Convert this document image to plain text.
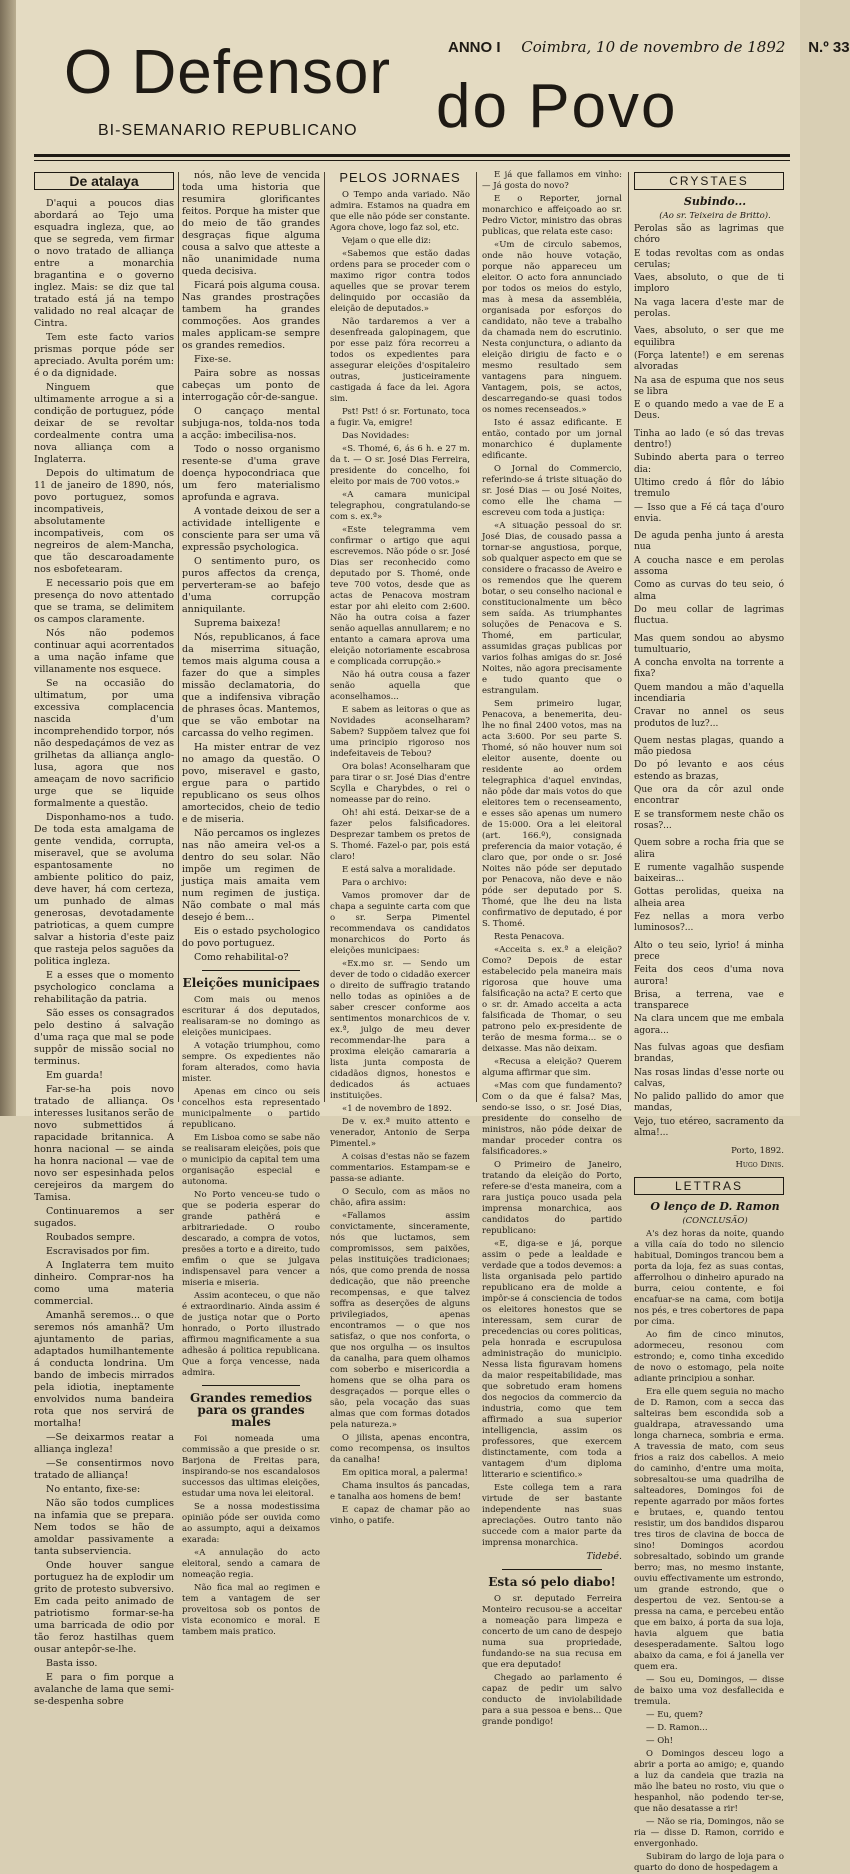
O Defensor do Povo
BI-SEMANARIO REPUBLICANO
ANNO I Coimbra, 10 de novembro de 1892 N.º 33
De atalaya

D'aqui a poucos dias abordará ao Tejo uma esquadra ingleza, que, ao que se segreda, vem firmar o novo tratado de alliança entre a monarchia bragantina e o governo inglez. Mais: se diz que tal tratado está já na tempo validado no real alcaçar de Cintra.

Tem este facto varios prismas porque póde ser apreciado. Avulta porém um: é o da dignidade.

Ninguem que ultimamente arrogue a si a condição de portuguez, póde deixar de se revoltar cordealmente contra uma nova alliança com a Inglaterra.

Depois do ultimatum de 11 de janeiro de 1890, nós, povo portuguez, somos incompativeis, absolutamente incompativeis, com os negreiros de alem-Mancha, que tão descaroadamente nos esbofetearam.

E necessario pois que em presença do novo attentado que se trama, se delimitem os campos claramente.

Nós não podemos continuar aqui acorrentados a uma nação infame que villanamente nos esquece.

Se na occasião do ultimatum, por uma excessiva complacencia nascida d'um incomprehendido torpor, nós não despedaçámos de vez as grilhetas da alliança anglo-lusa, agora que nos ameaçam de novo sacrificio urge que se liquide formalmente a questão.

Disponhamo-nos a tudo. De toda esta amalgama de gente vendida, corrupta, miseravel, que se avoluma espantosamente no ambiente politico do paiz, deve haver, há com certeza, um punhado de almas generosas, devotadamente patrioticas, a quem cumpre salvar a historia d'este paiz que rasteja pelos saguões da politica ingleza.

E a esses que o momento psychologico conclama a rehabilitação da patria.

São esses os consagrados pelo destino á salvação d'uma raça que mal se pode suppôr de missão social no terminus.

Em guarda!

Far-se-ha pois novo tratado de alliança. Os interesses lusitanos serão de novo submettidos á rapacidade britannica. A honra nacional — se ainda ha honra nacional — vae de novo ser espesinhada pelos cerejeiros da margem do Tamisa.

Continuaremos a ser sugados.

Roubados sempre.

Escravisados por fim.

A Inglaterra tem muito dinheiro. Comprar-nos ha como uma materia commercial.

Amanhã seremos... o que seremos nós amanhã? Um ajuntamento de parias, adaptados humilhantemente á conducta londrina. Um bando de imbecis mirrados pela idiotia, ineptamente envolvidos numa bandeira rota que nos servirá de mortalha!

—Se deixarmos reatar a alliança ingleza!

—Se consentirmos novo tratado de alliança!

No entanto, fixe-se:

Não são todos cumplices na infamia que se prepara. Nem todos se hão de amoldar passivamente a tanta subserviencia.

Onde houver sangue portuguez ha de explodir um grito de protesto subversivo. Em cada peito animado de patriotismo formar-se-ha uma barricada de odio por tão feroz hastilhas quem ousar antepôr-se-lhe.

Basta isso.

E para o fim porque a avalanche de lama que semi-se-despenha sobre

nós, não leve de vencida toda uma historia que resumira glorificantes feitos. Porque ha mister que do meio de tão grandes desgraças fique alguma cousa a salvo que atteste a não unanimidade numa queda decisiva.

Ficará pois alguma cousa. Nas grandes prostrações tambem ha grandes commoções. Aos grandes males applicam-se sempre os grandes remedios.

Fixe-se.

Paira sobre as nossas cabeças um ponto de interrogação côr-de-sangue.

O cançaço mental subjuga-nos, tolda-nos toda a acção: imbecilisa-nos.

Todo o nosso organismo resente-se d'uma grave doença hypocondriaca que um fero materialismo aprofunda e agrava.

A vontade deixou de ser a actividade intelligente e consciente para ser uma vã expressão psychologica.

O sentimento puro, os puros affectos da crença, perverteram-se ao bafejo d'uma corrupção anniquilante.

Suprema baixeza!

Nós, republicanos, á face da miserrima situação, temos mais alguma cousa a fazer do que a simples missão declamatoria, do que a indifensiva vibração de phrases ôcas. Mantemos, que se vão embotar na carcassa do velho regimen.

Ha mister entrar de vez no amago da questão. O povo, miseravel e gasto, ergue para o partido republicano os seus olhos amortecidos, cheio de tedio e de miseria.

Não percamos os inglezes nas não ameira vel-os a dentro do seu solar. Não impõe um regimen de justiça mais amaita vem num regimen de justiça. Não combate o mal más desejo é bem...

Eis o estado psychologico do povo portuguez.

Como rehabilital-o?

Eleições municipaes

Com mais ou menos escriturar á dos deputados, realisaram-se no domingo as eleições municipaes.

A votação triumphou, como sempre. Os expedientes não foram alterados, como havia mister.

Apenas em cinco ou seis concelhos esta representado municipalmente o partido republicano.

Em Lisboa como se sabe não se realisaram eleições, pois que o municipio da capital tem uma organisação especial e autonoma.

No Porto venceu-se tudo o que se poderia esperar do grande pathêrá e arbitrariedade. O roubo descarado, a compra de votos, presões a torto e a direito, tudo emfim o que se julgava indispensavel para vencer a miseria e miseria.

Assim aconteceu, o que não é extraordinario. Ainda assim é de justiça notar que o Porto honrado, o Porto illustrado affirmou magnificamente a sua adhesão á politica republicana. Que a força vencesse, nada admira.

Grandes remedios para os grandes males

Foi nomeada uma commissão a que preside o sr. Barjona de Freitas para, inspirando-se nos escandalosos successos das ultimas eleições, estudar uma nova lei eleitoral.

Se a nossa modestissima opinião póde ser ouvida como ao assumpto, aqui a deixamos exarada:

«A annulação do acto eleitoral, sendo a camara de nomeação regia.

Não fica mal ao regimen e tem a vantagem de ser proveitosa sob os pontos de vista economico e moral. E tambem mais pratico.

PELOS JORNAES

O Tempo anda variado. Não admira. Estamos na quadra em que elle não póde ser constante. Agora chove, logo faz sol, etc.

Vejam o que elle diz:

«Sabemos que estão dadas ordens para se proceder com o maximo rigor contra todos aquelles que se provar terem delinquido por occasião da eleição de deputados.»

Não tardaremos a ver a desenfreada galopinagem, que por esse paiz fóra recorreu a todos os expedientes para assegurar eleições d'ospitaleiro outras, justiceiramente castigada á face da lei. Agora sim.

Pst! Pst! ó sr. Fortunato, toca a fugir. Va, emigre!

Das Novidades:

«S. Thomé, 6, ás 6 h. e 27 m. da t. — O sr. José Dias Ferreira, presidente do concelho, foi eleito por mais de 700 votos.»

«A camara municipal telegraphou, congratulando-se com s. ex.ª»

«Este telegramma vem confirmar o artigo que aqui escrevemos. Não póde o sr. José Dias ser reconhecido como deputado por S. Thomé, onde teve 700 votos, desde que as actas de Penacova mostram estar por ahi eleito com 2:600. Não ha outra coisa a fazer senão aquellas annullarem; e no entanto a camara aprova uma eleição notoriamente escabrosa e complicada corrupção.»

Não há outra cousa a fazer senão aquella que aconselhamos...

E sabem as leitoras o que as Novidades aconselharam? Sabem? Suppõem talvez que foi uma principio rigoroso nos indefeitaveis de Tebou?

Ora bolas! Aconselharam que para tirar o sr. José Dias d'entre Scylla e Charybdes, o rei o nomeasse par do reino.

Oh! ahi está. Deixar-se de a fazer pelos falsificadores. Desprezar tambem os pretos de S. Thomé. Fazel-o par, pois está claro!

E está salva a moralidade.

Para o archivo:

Vamos promover dar de chapa a seguinte carta com que o sr. Serpa Pimentel recommendava os candidatos monarchicos do Porto ás eleições municipaes:

«Ex.mo sr. — Sendo um dever de todo o cidadão exercer o direito de suffragio tratando nello todas as opiniões a de saber crescer conforme aos sentimentos monarchicos de v. ex.ª, julgo de meu dever recommendar-lhe para a proxima eleição camararia a lista junta composta de cidadãos dignos, honestos e dedicados ás actuaes instituições.

«1 de novembro de 1892.

De v. ex.ª muito attento e venerador, Antonio de Serpa Pimentel.»

A coisas d'estas não se fazem commentarios. Estampam-se e passa-se adiante.

O Seculo, com as mãos no chão, afira assim:

«Fallamos assim convictamente, sinceramente, nós que luctamos, sem compromissos, sem paixões, pelas instituições tradicionaes; nós, que como prenda de nossa dedicação, que não preenche recompensas, e que talvez soffra as deserções de alguns privilegiados, apenas encontramos — o que nos satisfaz, o que nos conforta, o que nos orgulha — os insultos da canalha, para quem olhamos com soberbo e misericordia a homens que se olha para os desgraçados — porque elles o são, pela vocação das suas almas que com formas dotados pela natureza.»

O jilista, apenas encontra, como recompensa, os insultos da canalha!

Em opitica moral, a palerma!

Chama insultos ás pancadas, e tanalha aos homens de bem!

E capaz de chamar pão ao vinho, o patife.

E já que fallamos em vinho: — Já gosta do novo?

E o Reporter, jornal monarchico e affeiçoado ao sr. Pedro Victor, ministro das obras publicas, que relata este caso:

«Um de circulo sabemos, onde não houve votação, porque não appareceu um eleitor. O acto fora annunciado por todos os meios do estylo, mas à mesa da assembléia, organisada por esforços do candidato, não teve a trabalho da chamada nem do escrutinio. Nesta conjunctura, o adianto da eleição dirigiu de facto e o mesmo resultado sem vantagens para ninguem. Vantagem, pois, se actos, descarregando-se quasi todos os nomes recenseados.»

Isto é assaz edificante. E então, contado por um jornal monarchico é duplamente edificante.

O Jornal do Commercio, referindo-se á triste situação do sr. José Dias — ou José Noites, como elle lhe chama — escreveu com toda a justiça:

«A situação pessoal do sr. José Dias, de cousado passa a tornar-se angustiosa, porque, sob qualquer aspecto em que se considere o fracasso de Aveiro e os remendos que lhe querem botar, o seu conselho nacional e constitucionalmente um bêco sem saída. As triumphantes soluções de Penacova e S. Thomé, em particular, assumidas graças publicas por varios folhas amigas do sr. José Noites, não agora precisamente e tudo quanto que o estrangulam.

Sem primeiro lugar, Penacova, a benemerita, deu-lhe no final 2400 votos, mas na acta 3:600. Por seu parte S. Thomé, só não houver num soi eleitor ausente, doente ou residente ao ordem telegraphica d'aquel envindas, não pôde dar mais votos do que eleitores tem o recenseamento, e esses são apenas um numero de 15:000. Ora a lei eleitoral (art. 166.º), consignada preferencia da maior votação, é claro que, por onde o sr. José Noites não póde ser deputado por Penacova, não deve e não póde ser deputado por S. Thomé, que lhe deu na lista confirmativo de deputado, é por S. Thomé.

Resta Penacova.

«Acceita s. ex.ª a eleição? Como? Depois de estar estabelecido pela maneira mais rigorosa que houve uma falsificação na acta? E certo que o sr. dr. Amado acceita a acta falsificada de Thomar, o seu patrono pelo ex-presidente de terão de mesma forma... se o deixasse. Mas não deixam.

«Recusa a eleição? Querem alguma affirmar que sim.

«Mas com que fundamento? Com o da que é falsa? Mas, sendo-se isso, o sr. José Dias, presidente do conselho de ministros, não póde deixar de mandar proceder contra os falsificadores.»

O Primeiro de Janeiro, tratando da eleição do Porto, refere-se d'esta maneira, com a rara justiça pouco usada pela imprensa monarchica, aos candidatos do partido republicano:

«E, diga-se e já, porque assim o pede a lealdade e verdade que a todos devemos: a lista organisada pelo partido republicano era de molde a impôr-se á consciencia de todos os eleitores honestos que se interessam, sem curar de precedencias ou cores politicas, pela honrada e escrupulosa administração do municipio. Nessa lista figuravam homens da maior respeitabilidade, mas que sobretudo eram homens dos negocios da commercio da industria, como que tem affirmado a sua superior intelligencia, assim os professores, que exercem distinctamente, com toda a vantagem d'um diploma litterario e scientifico.»

Este collega tem a rara virtude de ser bastante independente nas suas apreciações. Outro tanto não succede com a maior parte da imprensa monarchica.

Tidebé.

Esta só pelo diabo!

O sr. deputado Ferreira Monteiro recusou-se a acceitar a nomeação para limpeza e concerto de um cano de despejo numa sua propriedade, fundando-se na sua recusa em que era deputado!

Chegado ao parlamento é capaz de pedir um salvo conducto de inviolabilidade para a sua pessoa e bens... Que grande pondigo!

CRYSTAES

Subindo...

(Ao sr. Teixeira de Britto).

Perolas são as lagrimas que chóro

E todas revoltas com as ondas cerulas;

Vaes, absoluto, o que de ti imploro

Na vaga lacera d'este mar de perolas.

Vaes, absoluto, o ser que me equilibra

(Força latente!) e em serenas alvoradas

Na asa de espuma que nos seus se libra

E o quando medo a vae de E a Deus.

Tinha ao lado (e só das trevas dentro!)

Subindo aberta para o terreo dia:

Ultimo credo á flôr do lábio tremulo

— Isso que a Fé cá taça d'ouro envia.

De aguda penha junto á aresta nua

A coucha nasce e em perolas assoma

Como as curvas do teu seio, ó alma

Do meu collar de lagrimas fluctua.

Mas quem sondou ao abysmo tumultuario,

A concha envolta na torrente a fixa?

Quem mandou a mão d'aquella incendiaria

Cravar no annel os seus produtos de luz?...

Quem nestas plagas, quando a mão piedosa

Do pó levanto e aos céus estendo as brazas,

Que ora da côr azul onde encontrar

E se transformem neste chão os rosas?...

Quem sobre a rocha fria que se alira

E rumente vagalhão suspende baixeiras...

Gottas perolidas, queixa na alheia area

Fez nellas a mora verbo luminosos?...

Alto o teu seio, lyrio! á minha prece

Feita dos ceos d'uma nova aurora!

Brisa, a terrena, vae e transparece

Na clara uncem que me embala agora...

Nas fulvas agoas que desfiam brandas,

Nas rosas lindas d'esse norte ou calvas,

No palido pallido do amor que mandas,

Vejo, tuo etéreo, sacramento da alma!...

Porto, 1892.

Hugo Dinis.

LETTRAS

O lenço de D. Ramon

(CONCLUSÃO)

A's dez horas da noite, quando a villa caía do todo no silencio habitual, Domingos trancou bem a porta da loja, fez as suas contas, afferrolhou o dinheiro apurado na burra, ceiou contente, e foi encafuar-se na cama, com botija nos pés, e tres cobertores de papa por cima.

Ao fim de cinco minutos, adormeceu, resonou com estrondo; e, como tinha excedido de novo o estomago, pela noite adiante principiou a sonhar.

Era elle quem seguia no macho de D. Ramon, com a secca das salteiras bem escondida sob a gualdrapa, atravessando uma longa charneca, sombria e erma. A travessia de mato, com seus frios a raiz dos cabellos. A meio do caminho, d'entre uma moita, sobresaltou-se uma quadrilha de salteadores, Domingos foi de repente agarrado por mãos fortes e brutaes, e, quando tentou resistir, um dos bandidos disparou tres tiros de clavina de bocca de sino! Domingos acordou sobresaltado, sobindo um grande berro; mas, no mesmo instante, ouviu effectivamente um estrondo, um grande estrondo, que o despertou de vez. Sentou-se a pressa na cama, e percebeu então que em baixo, á porta da sua loja, havia alguem que batia desesperadamente. Saltou logo abaixo da cama, e foi á janella ver quem era.

— Sou eu, Domingos, — disse de baixo uma voz desfallecida e tremula.

— Eu, quem?

— D. Ramon...

— Oh!

O Domingos desceu logo a abrir a porta ao amigo; e, quando a luz da candeia que trazia na mão lhe bateu no rosto, viu que o hespanhol, não podendo ter-se, que não desatasse a rir!

— Não se ria, Domingos, não se ria — disse D. Ramon, corrido e envergonhado.

Subiram do largo de loja para o quarto do dono de hospedagem a
